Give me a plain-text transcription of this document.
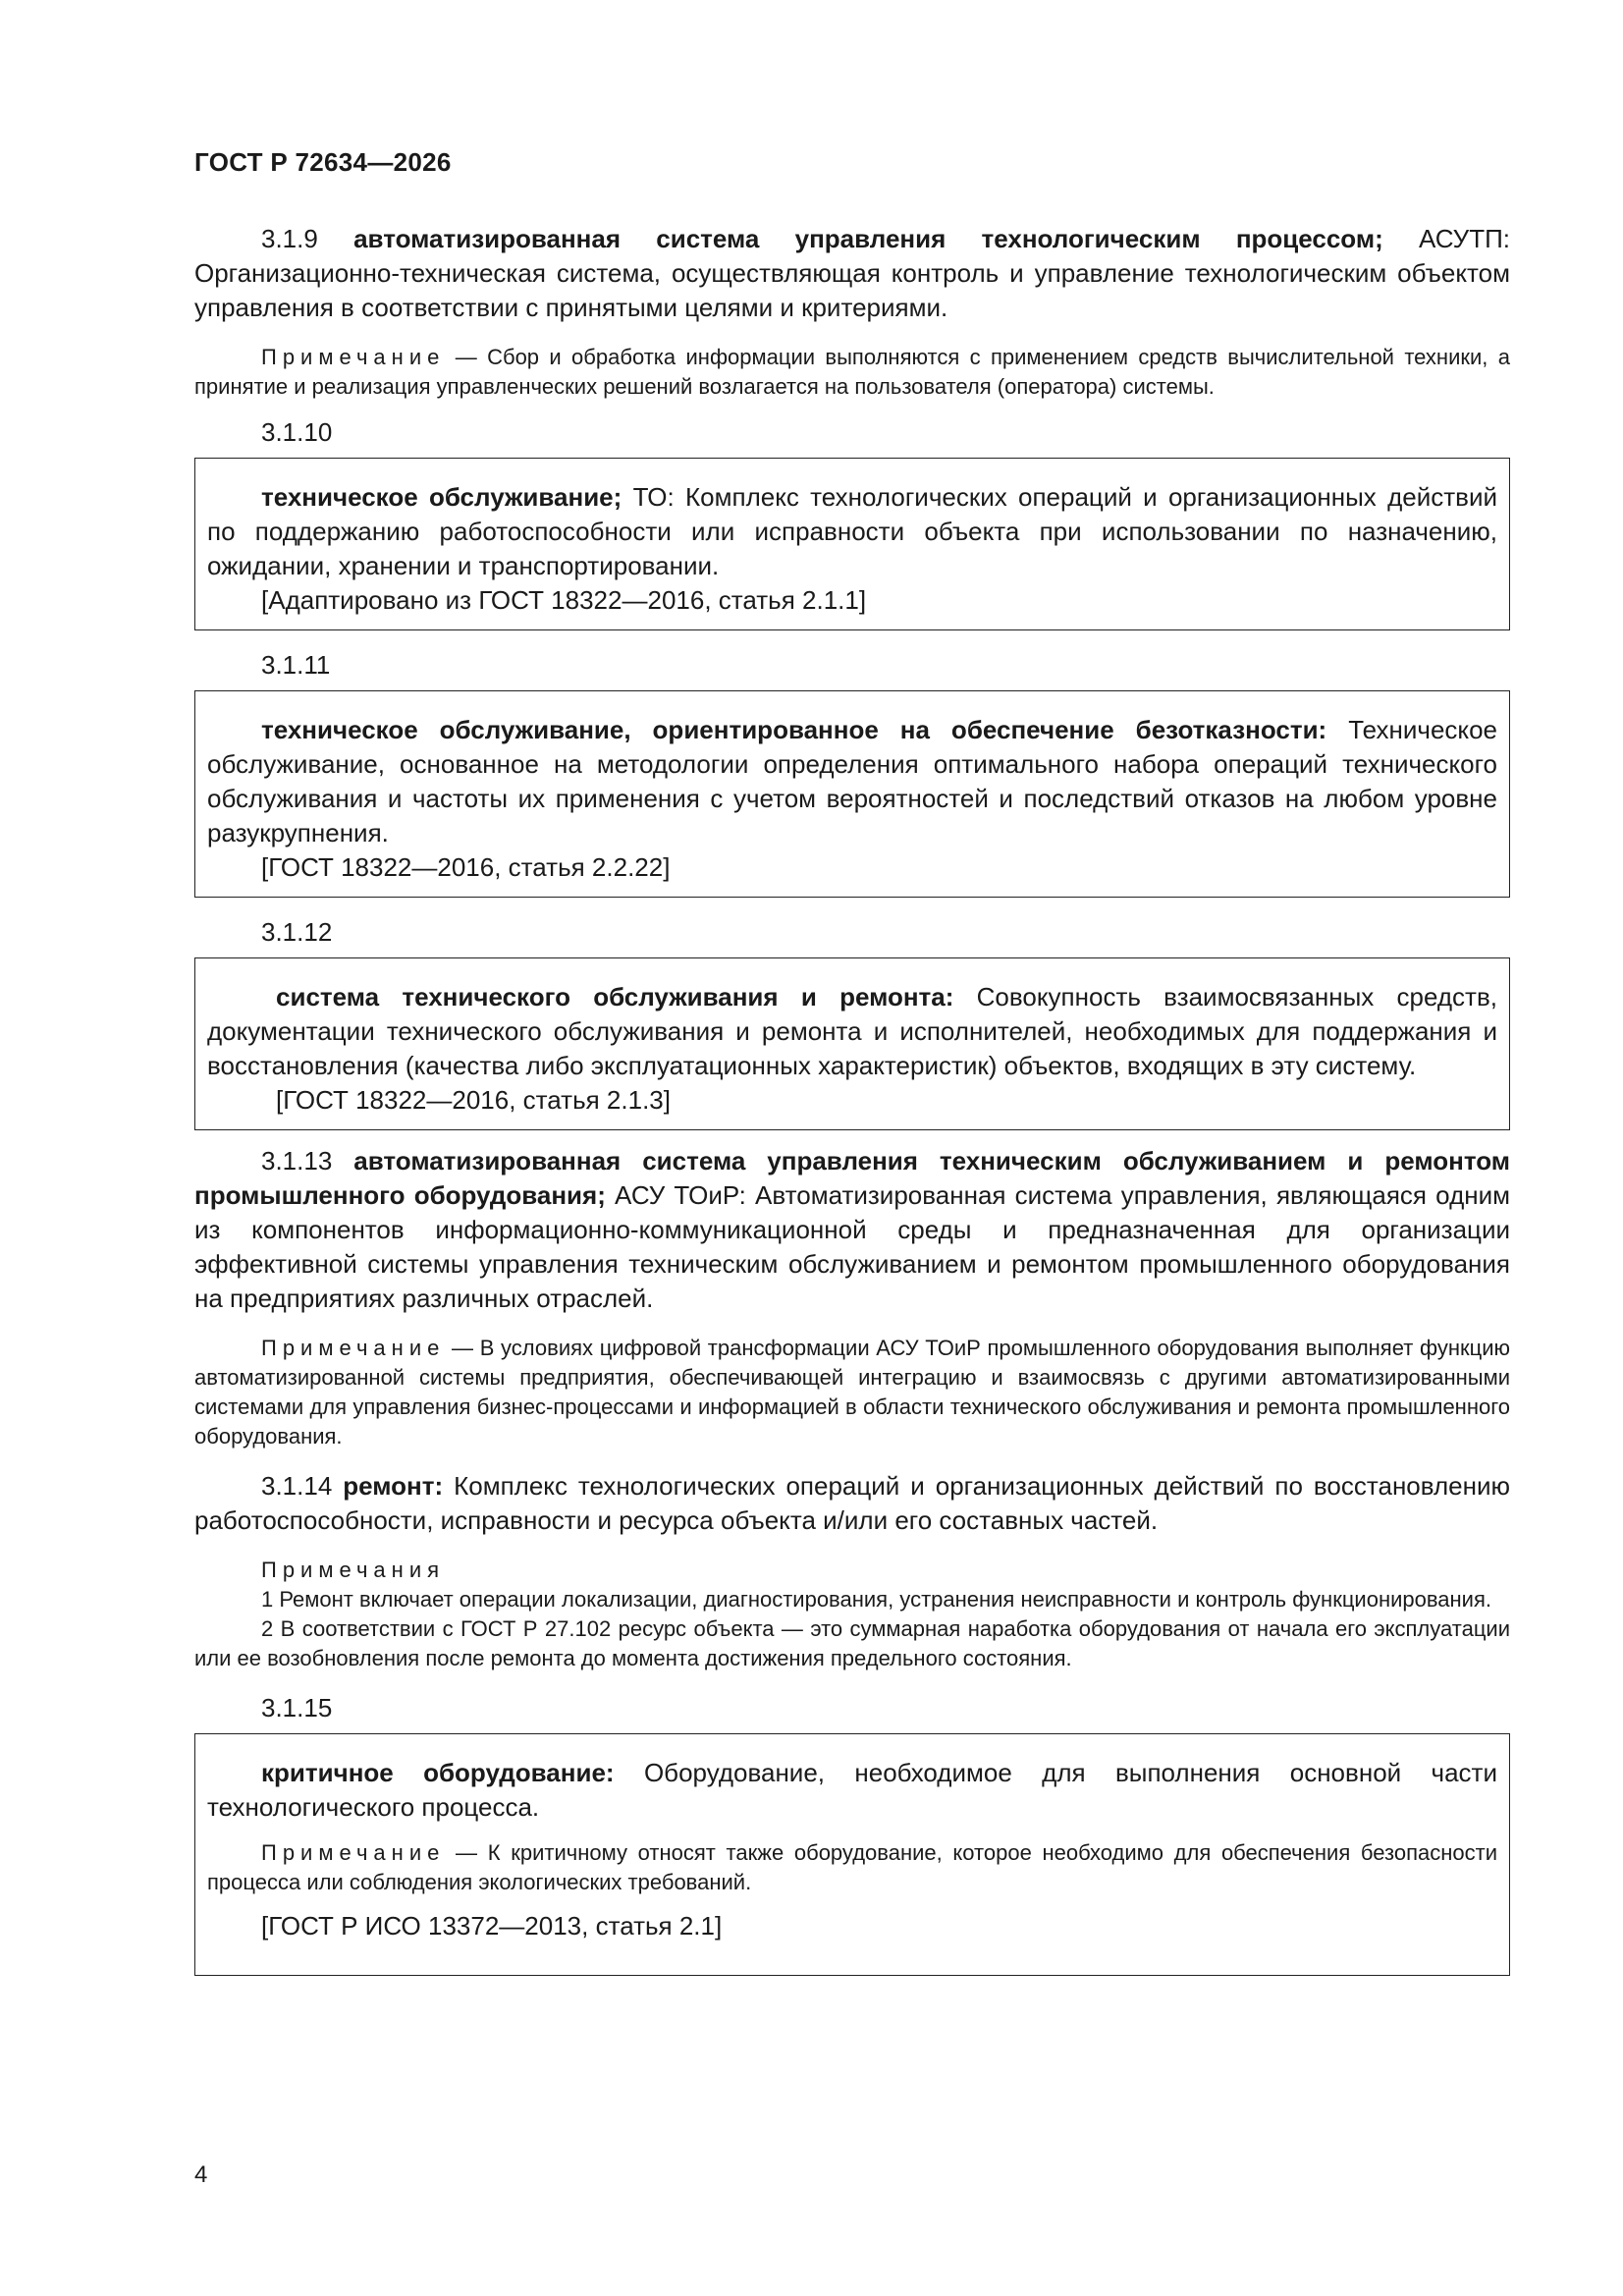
ГОСТ Р 72634—2026

3.1.9 автоматизированная система управления технологическим процессом; АСУТП: Организационно-техническая система, осуществляющая контроль и управление технологическим объектом управления в соответствии с принятыми целями и критериями.

Примечание — Сбор и обработка информации выполняются с применением средств вычислительной техники, а принятие и реализация управленческих решений возлагается на пользователя (оператора) системы.

3.1.10

техническое обслуживание; ТО: Комплекс технологических операций и организационных действий по поддержанию работоспособности или исправности объекта при использовании по назначению, ожидании, хранении и транспортировании.

[Адаптировано из ГОСТ 18322—2016, статья 2.1.1]
3.1.11

техническое обслуживание, ориентированное на обеспечение безотказности: Техническое обслуживание, основанное на методологии определения оптимального набора операций технического обслуживания и частоты их применения с учетом вероятностей и последствий отказов на любом уровне разукрупнения.

[ГОСТ 18322—2016, статья 2.2.22]
3.1.12

система технического обслуживания и ремонта: Совокупность взаимосвязанных средств, документации технического обслуживания и ремонта и исполнителей, необходимых для поддержания и восстановления (качества либо эксплуатационных характеристик) объектов, входящих в эту систему.

[ГОСТ 18322—2016, статья 2.1.3]

3.1.13 автоматизированная система управления техническим обслуживанием и ремонтом промышленного оборудования; АСУ ТОиР: Автоматизированная система управления, являющаяся одним из компонентов информационно-коммуникационной среды и предназначенная для организации эффективной системы управления техническим обслуживанием и ремонтом промышленного оборудования на предприятиях различных отраслей.

Примечание — В условиях цифровой трансформации АСУ ТОиР промышленного оборудования выполняет функцию автоматизированной системы предприятия, обеспечивающей интеграцию и взаимосвязь с другими автоматизированными системами для управления бизнес-процессами и информацией в области технического обслуживания и ремонта промышленного оборудования.

3.1.14 ремонт: Комплекс технологических операций и организационных действий по восстановлению работоспособности, исправности и ресурса объекта и/или его составных частей.

Примечания

1 Ремонт включает операции локализации, диагностирования, устранения неисправности и контроль функционирования.

2 В соответствии с ГОСТ Р 27.102 ресурс объекта — это суммарная наработка оборудования от начала его эксплуатации или ее возобновления после ремонта до момента достижения предельного состояния.

3.1.15

критичное оборудование: Оборудование, необходимое для выполнения основной части технологического процесса.

Примечание — К критичному относят также оборудование, которое необходимо для обеспечения безопасности процесса или соблюдения экологических требований.

[ГОСТ Р ИСО 13372—2013, статья 2.1]
4
